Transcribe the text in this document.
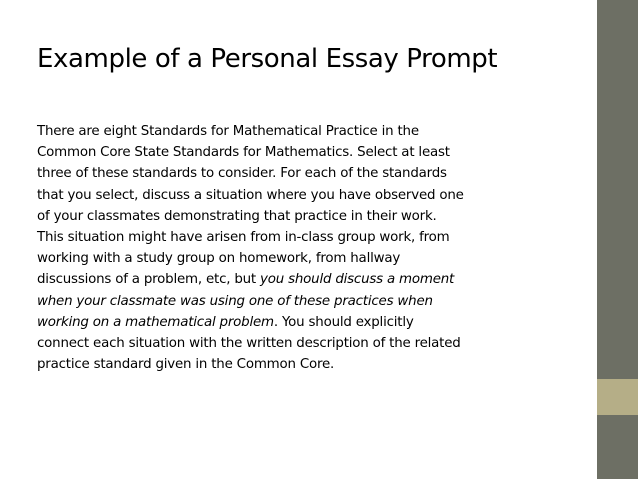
Example of a Personal Essay Prompt
There are eight Standards for Mathematical Practice in the
Common Core State Standards for Mathematics. Select at least
three of these standards to consider. For each of the standards
that you select, discuss a situation where you have observed one
of your classmates demonstrating that practice in their work.
This situation might have arisen from in-class group work, from
working with a study group on homework, from hallway
discussions of a problem, etc, but you should discuss a moment
when your classmate was using one of these practices when
working on a mathematical problem. You should explicitly
connect each situation with the written description of the related
practice standard given in the Common Core.
